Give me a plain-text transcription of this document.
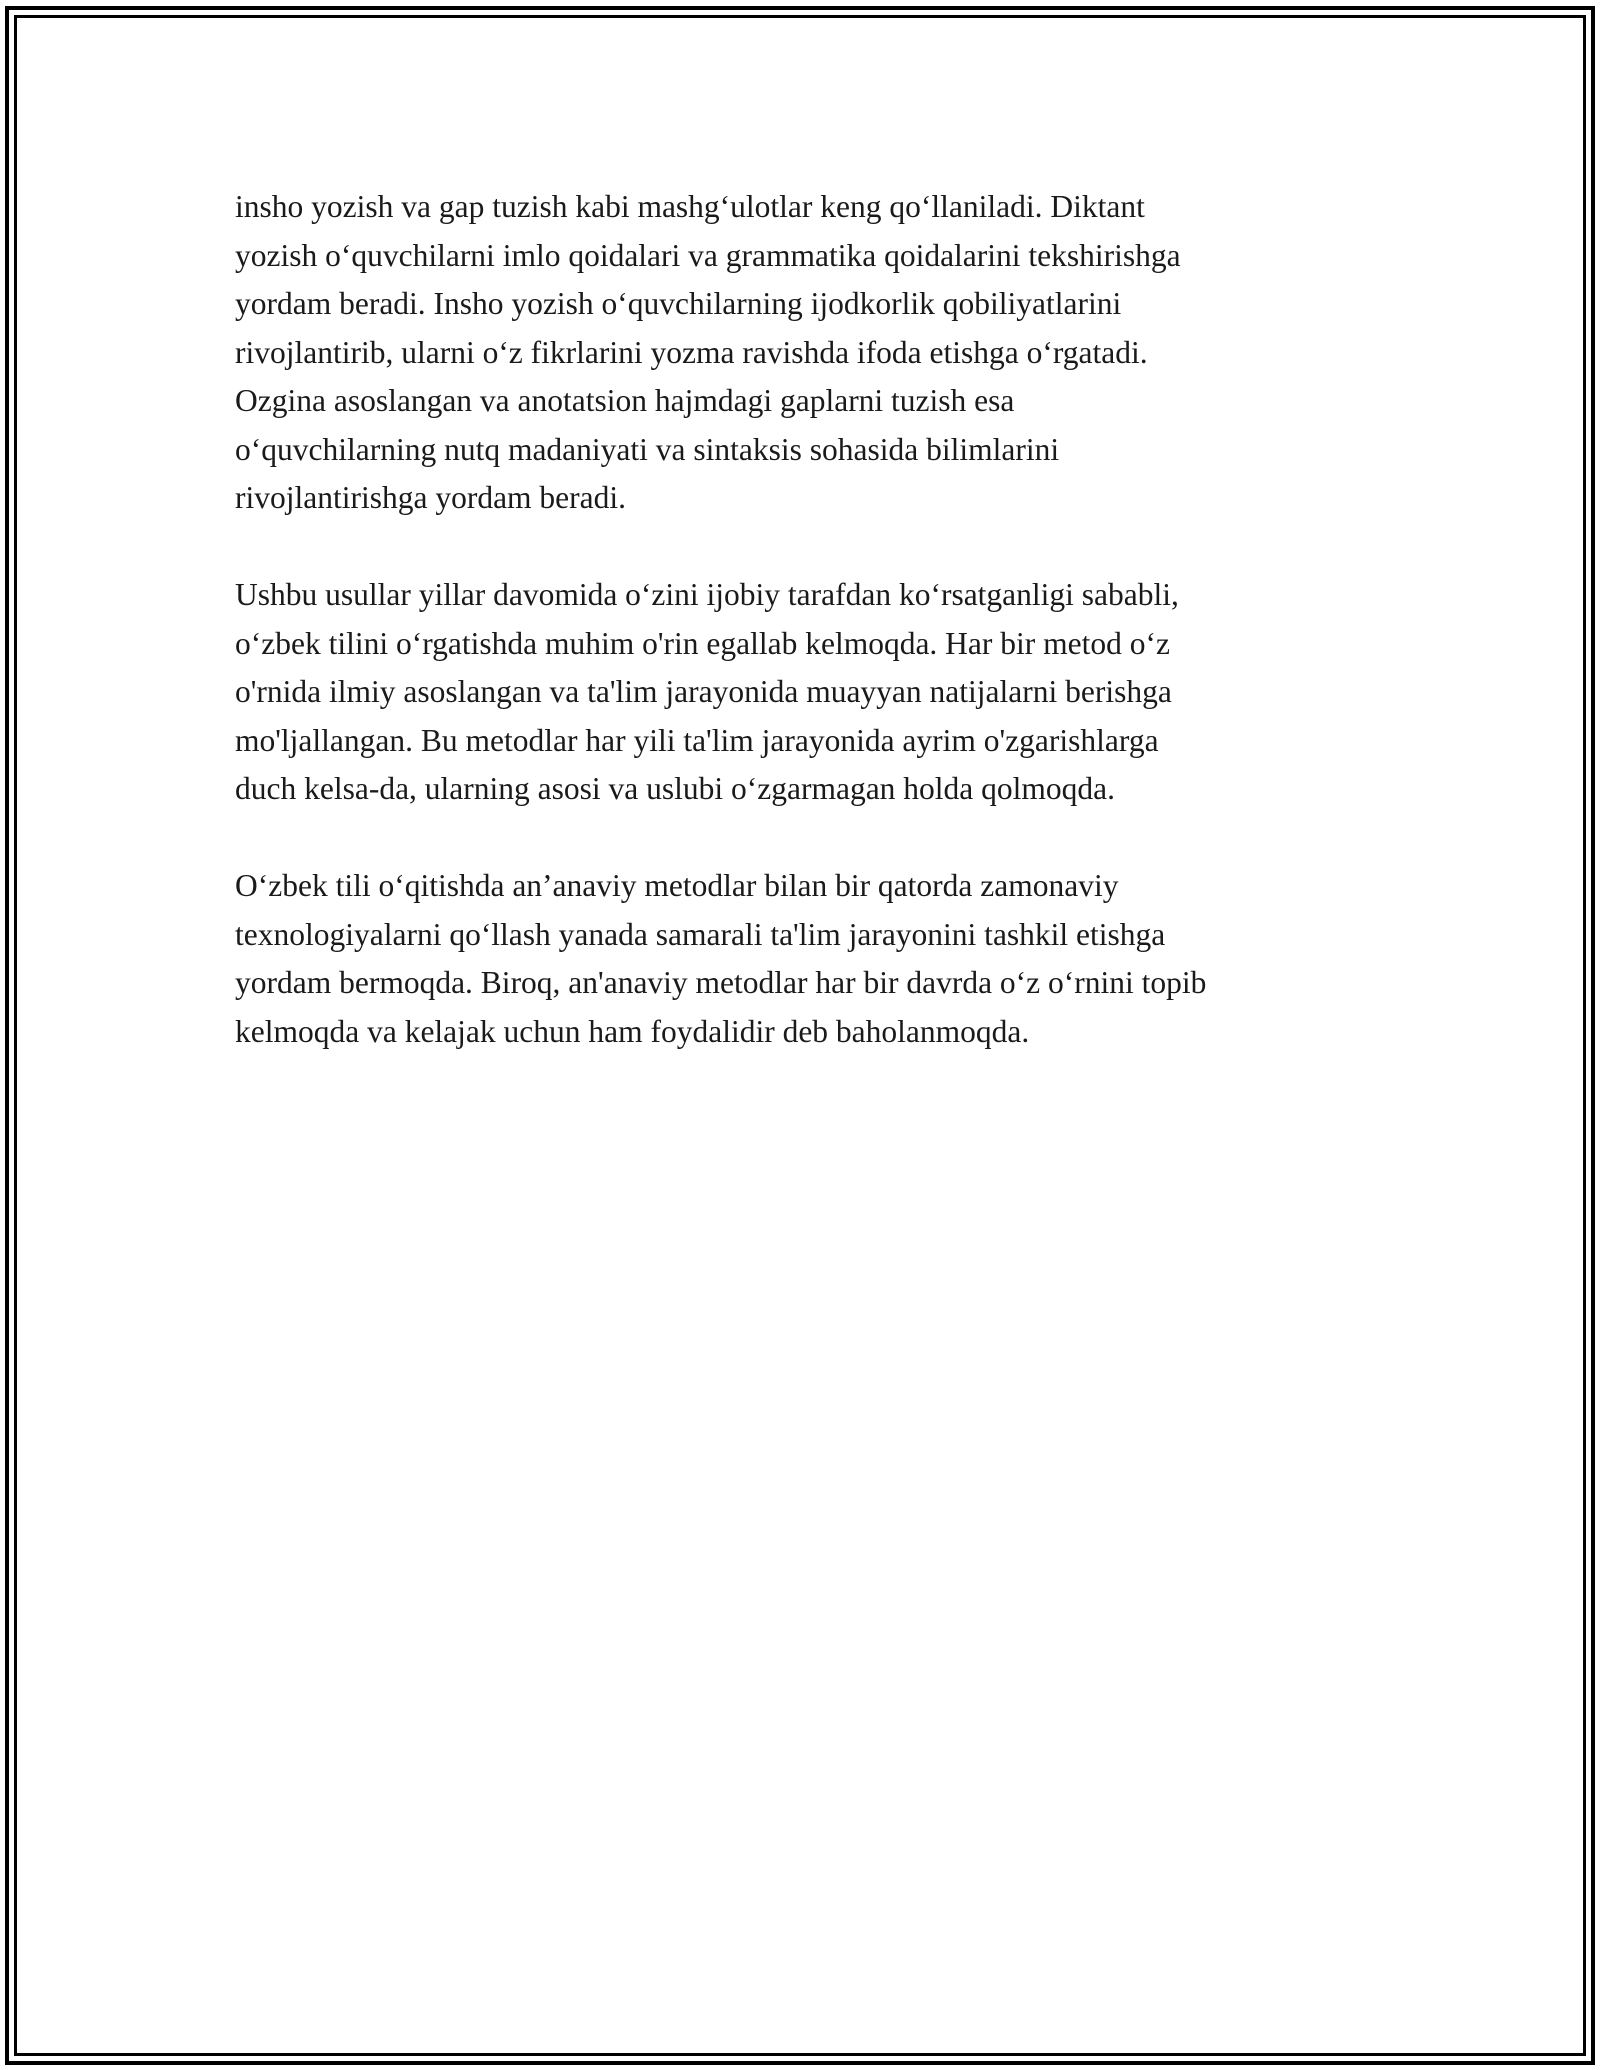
insho yozish va gap tuzish kabi mashg‘ulotlar keng qo‘llaniladi. Diktant
yozish o‘quvchilarni imlo qoidalari va grammatika qoidalarini tekshirishga
yordam beradi. Insho yozish o‘quvchilarning ijodkorlik qobiliyatlarini
rivojlantirib, ularni o‘z fikrlarini yozma ravishda ifoda etishga o‘rgatadi.
Ozgina asoslangan va anotatsion hajmdagi gaplarni tuzish esa
o‘quvchilarning nutq madaniyati va sintaksis sohasida bilimlarini
rivojlantirishga yordam beradi.

Ushbu usullar yillar davomida o‘zini ijobiy tarafdan ko‘rsatganligi sababli,
o‘zbek tilini o‘rgatishda muhim o'rin egallab kelmoqda. Har bir metod o‘z
o'rnida ilmiy asoslangan va ta'lim jarayonida muayyan natijalarni berishga
mo'ljallangan. Bu metodlar har yili ta'lim jarayonida ayrim o'zgarishlarga
duch kelsa-da, ularning asosi va uslubi o‘zgarmagan holda qolmoqda.

O‘zbek tili o‘qitishda an’anaviy metodlar bilan bir qatorda zamonaviy
texnologiyalarni qo‘llash yanada samarali ta'lim jarayonini tashkil etishga
yordam bermoqda. Biroq, an'anaviy metodlar har bir davrda o‘z o‘rnini topib
kelmoqda va kelajak uchun ham foydalidir deb baholanmoqda.
